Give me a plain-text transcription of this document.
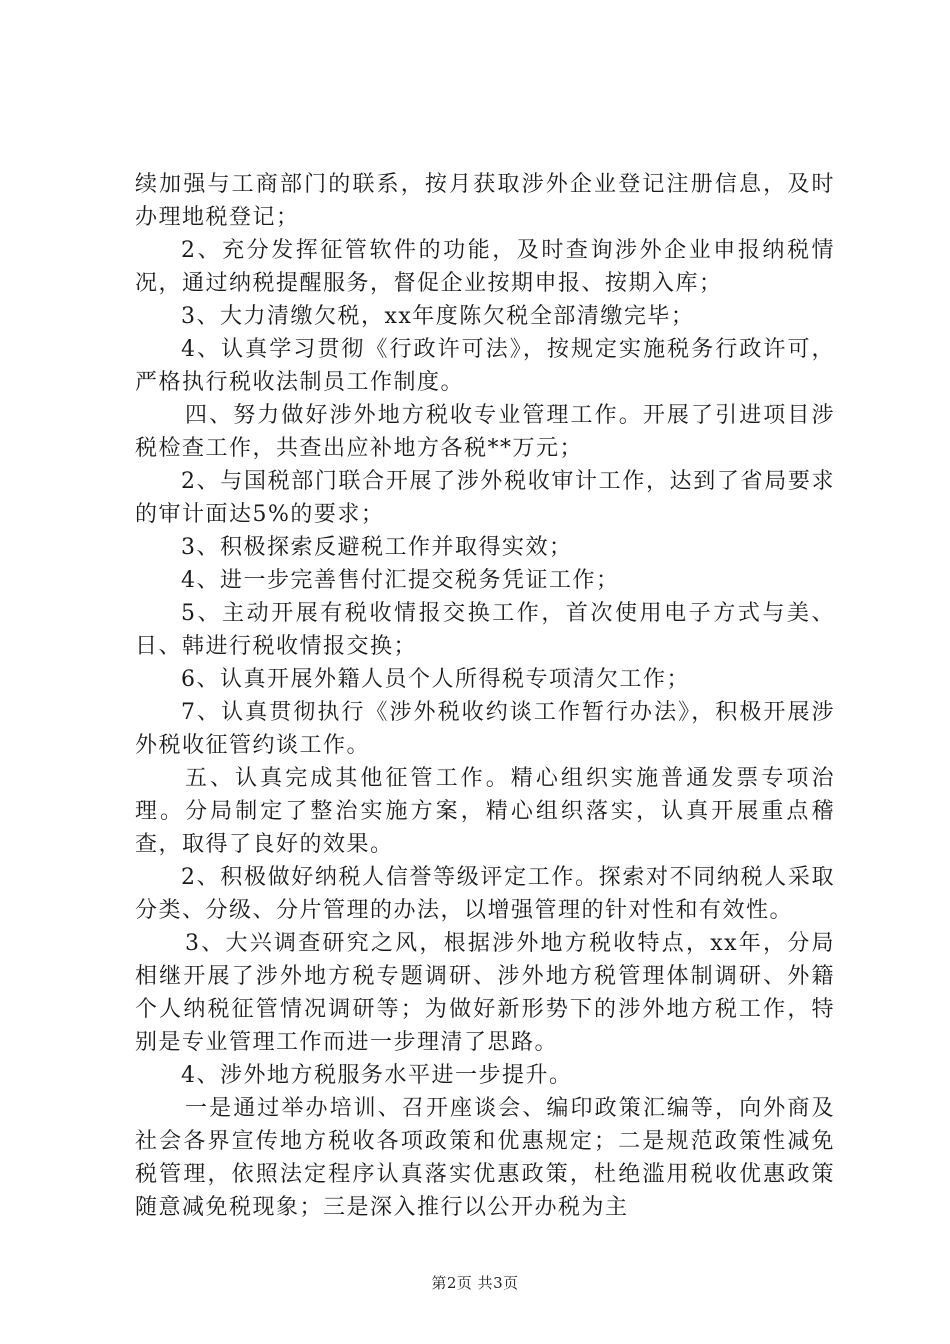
续加强与工商部门的联系，按月获取涉外企业登记注册信息，及时办理地税登记；

2、充分发挥征管软件的功能，及时查询涉外企业申报纳税情况，通过纳税提醒服务，督促企业按期申报、按期入库；

3、大力清缴欠税，xx年度陈欠税全部清缴完毕；

4、认真学习贯彻《行政许可法》，按规定实施税务行政许可，严格执行税收法制员工作制度。

四、努力做好涉外地方税收专业管理工作。开展了引进项目涉税检查工作，共查出应补地方各税**万元；

2、与国税部门联合开展了涉外税收审计工作，达到了省局要求的审计面达5%的要求；

3、积极探索反避税工作并取得实效；

4、进一步完善售付汇提交税务凭证工作；

5、主动开展有税收情报交换工作，首次使用电子方式与美、日、韩进行税收情报交换；

6、认真开展外籍人员个人所得税专项清欠工作；

7、认真贯彻执行《涉外税收约谈工作暂行办法》，积极开展涉外税收征管约谈工作。

五、认真完成其他征管工作。精心组织实施普通发票专项治理。分局制定了整治实施方案，精心组织落实，认真开展重点稽查，取得了良好的效果。

2、积极做好纳税人信誉等级评定工作。探索对不同纳税人采取分类、分级、分片管理的办法，以增强管理的针对性和有效性。

3、大兴调查研究之风，根据涉外地方税收特点，xx年，分局相继开展了涉外地方税专题调研、涉外地方税管理体制调研、外籍个人纳税征管情况调研等；为做好新形势下的涉外地方税工作，特别是专业管理工作而进一步理清了思路。

4、涉外地方税服务水平进一步提升。

一是通过举办培训、召开座谈会、编印政策汇编等，向外商及社会各界宣传地方税收各项政策和优惠规定；二是规范政策性减免税管理，依照法定程序认真落实优惠政策，杜绝滥用税收优惠政策随意减免税现象；三是深入推行以公开办税为主

第2页 共3页
